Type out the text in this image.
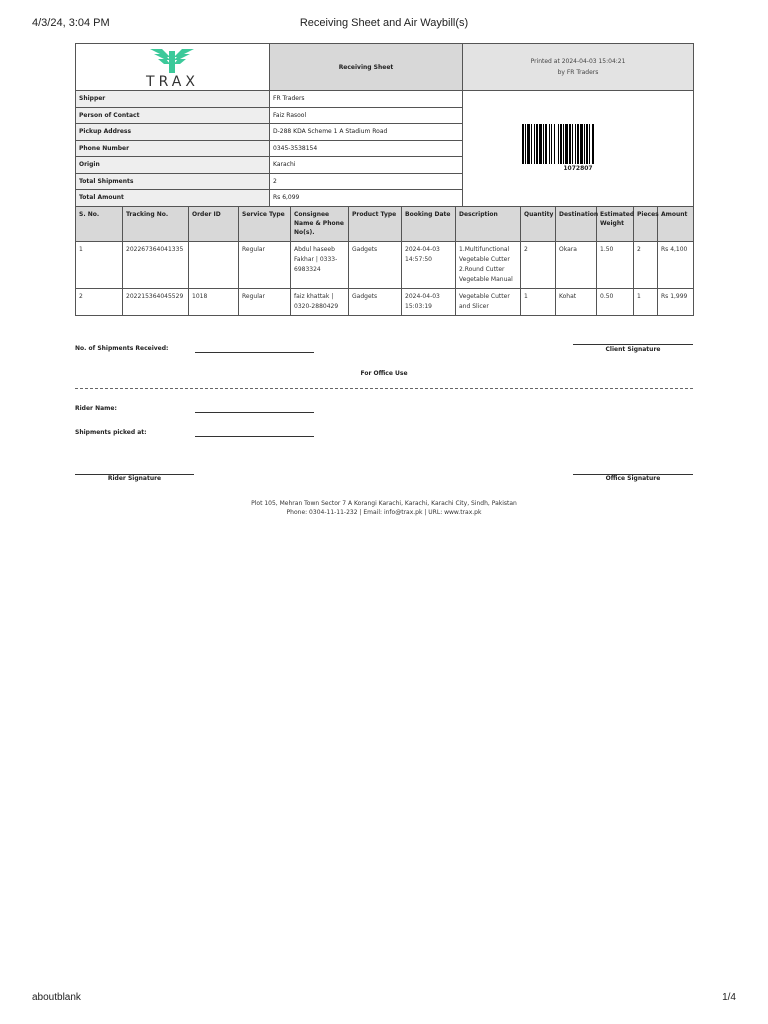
4/3/24, 3:04 PM	Receiving Sheet and Air Waybill(s)
TRAX	Receiving Sheet	Printed at 2024-04-03 15:04:21
by FR Traders

Shipper	FR Traders	1072807

Person of Contact	Faiz Rasool	
Pickup Address	D-288 KDA Scheme 1 A Stadium Road	
Phone Number	0345-3538154	
Origin	Karachi	
Total Shipments	2	
Total Amount	Rs 6,099	
S. No.	Tracking No.	Order ID	Service Type	Consignee Name & Phone No(s).	Product Type	Booking Date	Description	Quantity	Destination	Estimated Weight	Pieces	Amount
1	202267364041335		Regular	Abdul haseeb Fakhar | 0333-6983324	Gadgets	2024-04-03 14:57:50	1.Multifunctional Vegetable Cutter 2.Round Cutter Vegetable Manual	2	Okara	1.50	2	Rs 4,100
2	202215364045529	1018	Regular	faiz khattak | 0320-2880429	Gadgets	2024-04-03 15:03:19	Vegetable Cutter and Slicer	1	Kohat	0.50	1	Rs 1,999
No. of Shipments Received:	Client Signature
For Office Use
Rider Name:
Shipments picked at:
Rider Signature	Office Signature
Plot 105, Mehran Town Sector 7 A Korangi Karachi, Karachi, Karachi City, Sindh, Pakistan
Phone: 0304-11-11-232 | Email: info@trax.pk | URL: www.trax.pk
aboutblank	1/4
